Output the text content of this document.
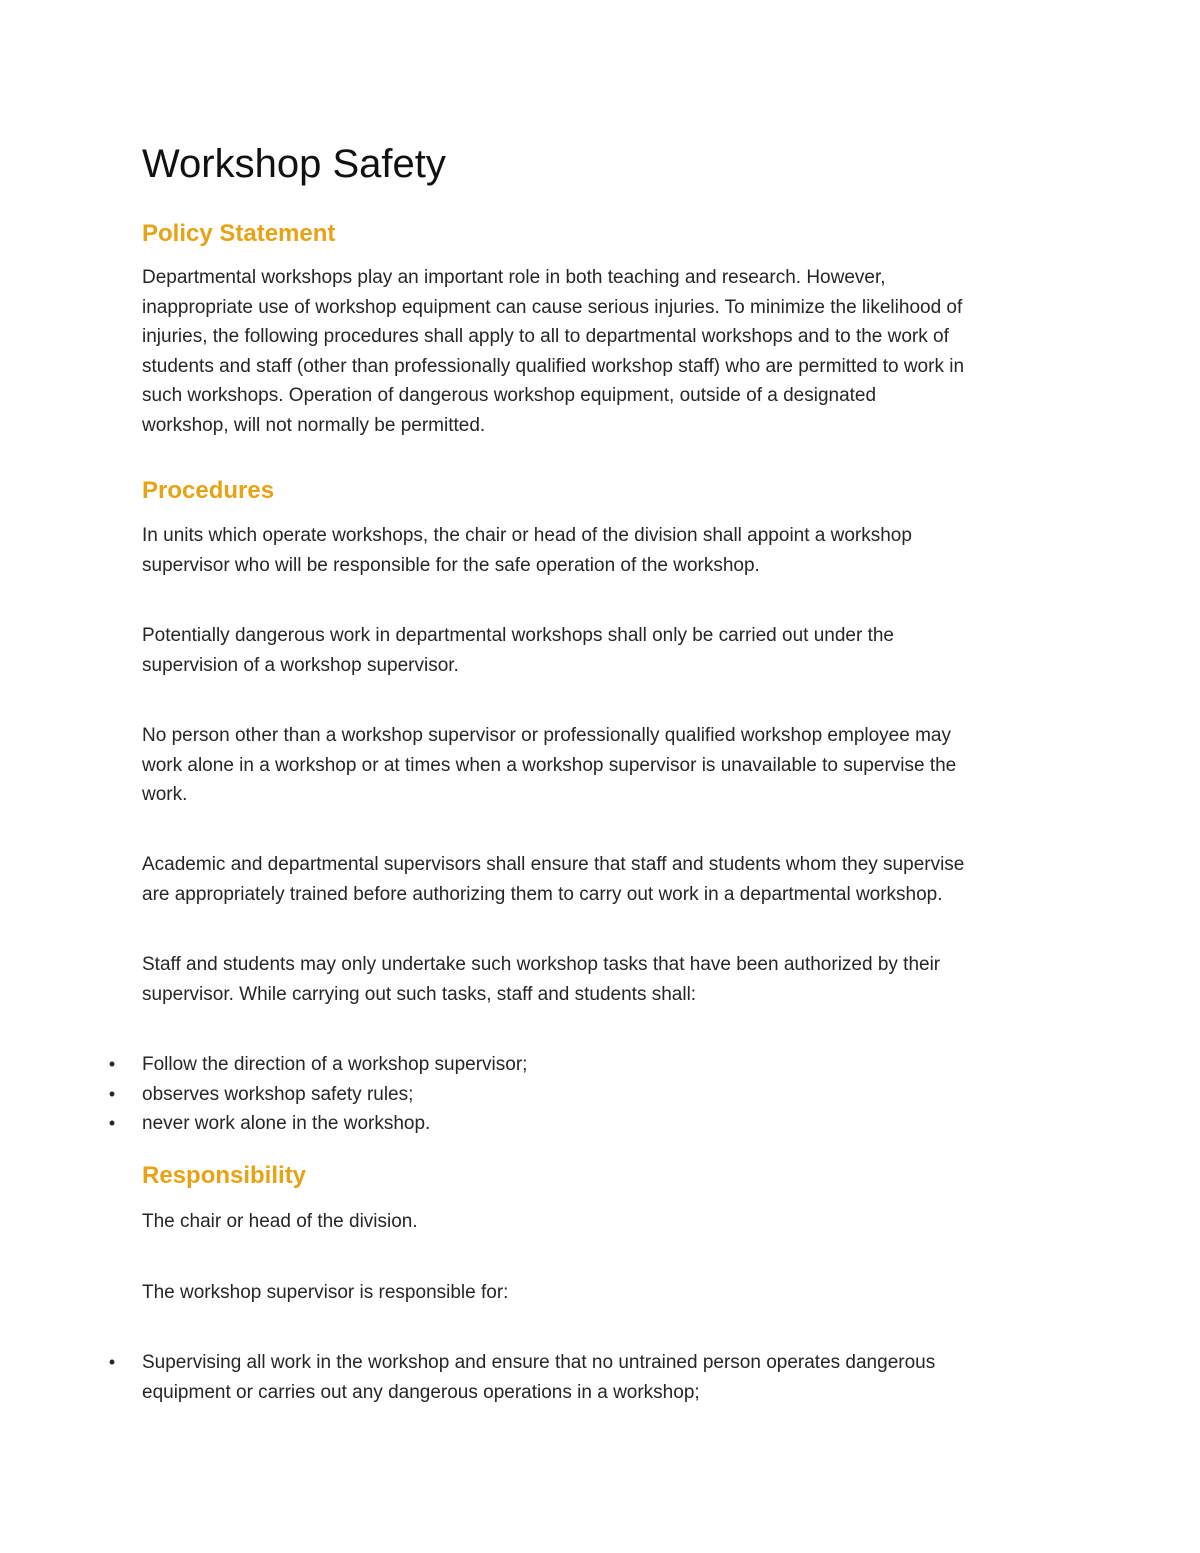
Workshop Safety
Policy Statement

Departmental workshops play an important role in both teaching and research. However,
inappropriate use of workshop equipment can cause serious injuries. To minimize the likelihood of
injuries, the following procedures shall apply to all to departmental workshops and to the work of
students and staff (other than professionally qualified workshop staff) who are permitted to work in
such workshops. Operation of dangerous workshop equipment, outside of a designated
workshop, will not normally be permitted.

Procedures

In units which operate workshops, the chair or head of the division shall appoint a workshop
supervisor who will be responsible for the safe operation of the workshop.

Potentially dangerous work in departmental workshops shall only be carried out under the
supervision of a workshop supervisor.

No person other than a workshop supervisor or professionally qualified workshop employee may
work alone in a workshop or at times when a workshop supervisor is unavailable to supervise the
work.

Academic and departmental supervisors shall ensure that staff and students whom they supervise
are appropriately trained before authorizing them to carry out work in a departmental workshop.

Staff and students may only undertake such workshop tasks that have been authorized by their
supervisor. While carrying out such tasks, staff and students shall:

• Follow the direction of a workshop supervisor;
• observes workshop safety rules;
• never work alone in the workshop.
Responsibility

The chair or head of the division.

The workshop supervisor is responsible for:

• Supervising all work in the workshop and ensure that no untrained person operates dangerous
equipment or carries out any dangerous operations in a workshop;
